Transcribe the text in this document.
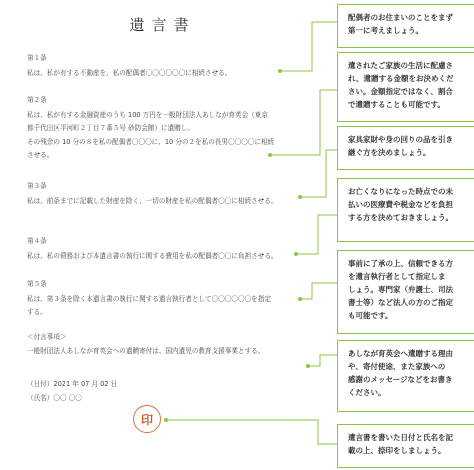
遺言書

第１条

私は、私が有する不動産を、私の配偶者〇〇〇〇〇〇に相続させる。

第２条

私は、私が有する金融資産のうち 100 万円を一般財団法人あしなが育英会（東京

都千代田区平河町２丁目７番５号 砂防会館）に遺贈し、

その残余の 10 分の８を私の配偶者〇〇〇に、10 分の２を私の長男〇〇〇〇に相続

させる。

第３条

私は、前条までに記載した財産を除く、一切の財産を私の配偶者〇〇に相続させる。

第４条

私は、私の債務および本遺言書の執行に関する費用を私の配偶者〇〇に負担させる。

第５条

私は、第３条を除く本遺言書の執行に関する遺言執行者として〇〇〇〇〇〇を指定

する。

＜付言事項＞

一般財団法人あしなが育英会への遺贈寄付は、国内遺児の教育支援事業とする。

（日付）2021 年 07 月 02 日

（氏名）〇〇 〇〇

印
配偶者のお住まいのことをまず
第一に考えましょう。
遺されたご家族の生活に配慮さ
れ、遺贈する金額をお決めくだ
さい。金額指定ではなく、割合
で遺贈することも可能です。
家具家財や身の回りの品を引き
継ぐ方を決めましょう。
お亡くなりになった時点での未
払いの医療費や税金などを負担
する方を決めておきましょう。
事前に了承の上、信頼できる方
を遺言執行者として指定しま
しょう。専門家（弁護士、司法
書士等）など法人の方のご指定
も可能です。
あしなが育英会へ遺贈する理由
や、寄付使途、また家族への
感謝のメッセージなどをお書き
ください。
遺言書を書いた日付と氏名を記
載の上、捺印をしましょう。
